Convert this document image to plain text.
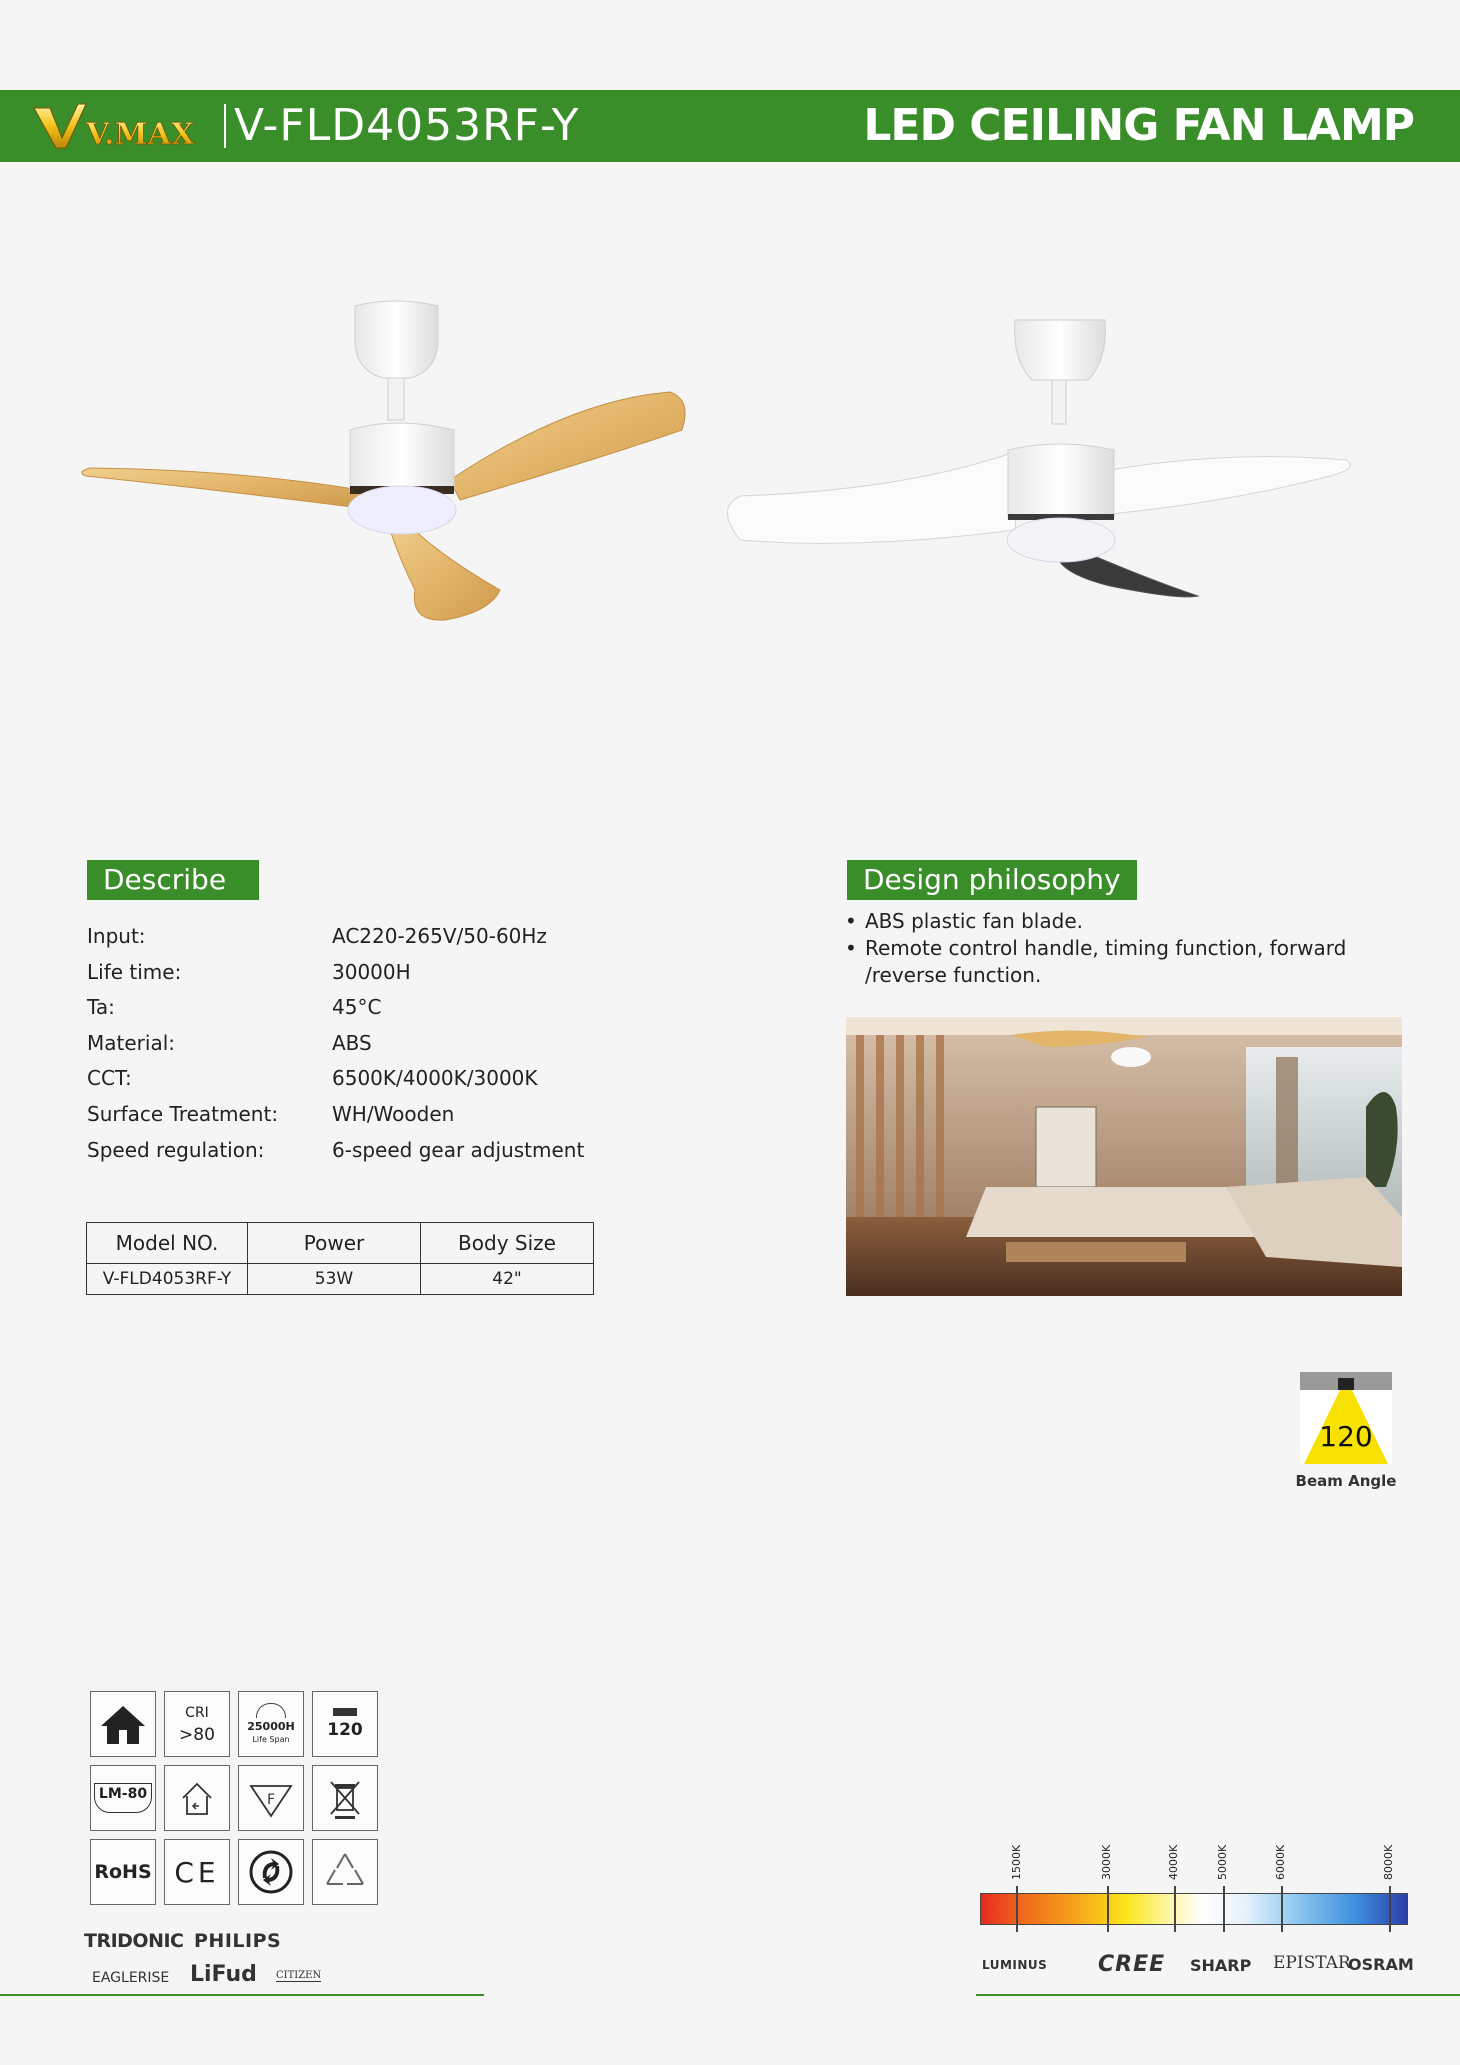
V.MAX V-FLD4053RF-Y	LED CEILING FAN LAMP
Describe
Input:	AC220-265V/50-60Hz
Life time:	30000H
Ta:	45°C
Material:	ABS
CCT:	6500K/4000K/3000K
Surface Treatment:	WH/Wooden
Speed regulation:	6-speed gear adjustment
Model NO.	Power	Body Size
V-FLD4053RF-Y	53W	42"
Design philosophy
• ABS plastic fan blade.
• Remote control handle, timing function, forward /reverse function.
120
Beam Angle
CRI
>80	25000H
Life Span 120
LM-80	F
RoHS CE
TRIDONIC PHILIPS
EAGLERISE LiFud CITIZEN
1500K	3000K	4000K	5000K	6000K	8000K
LUMINUS CREE SHARP EPISTAR
OSRAM
